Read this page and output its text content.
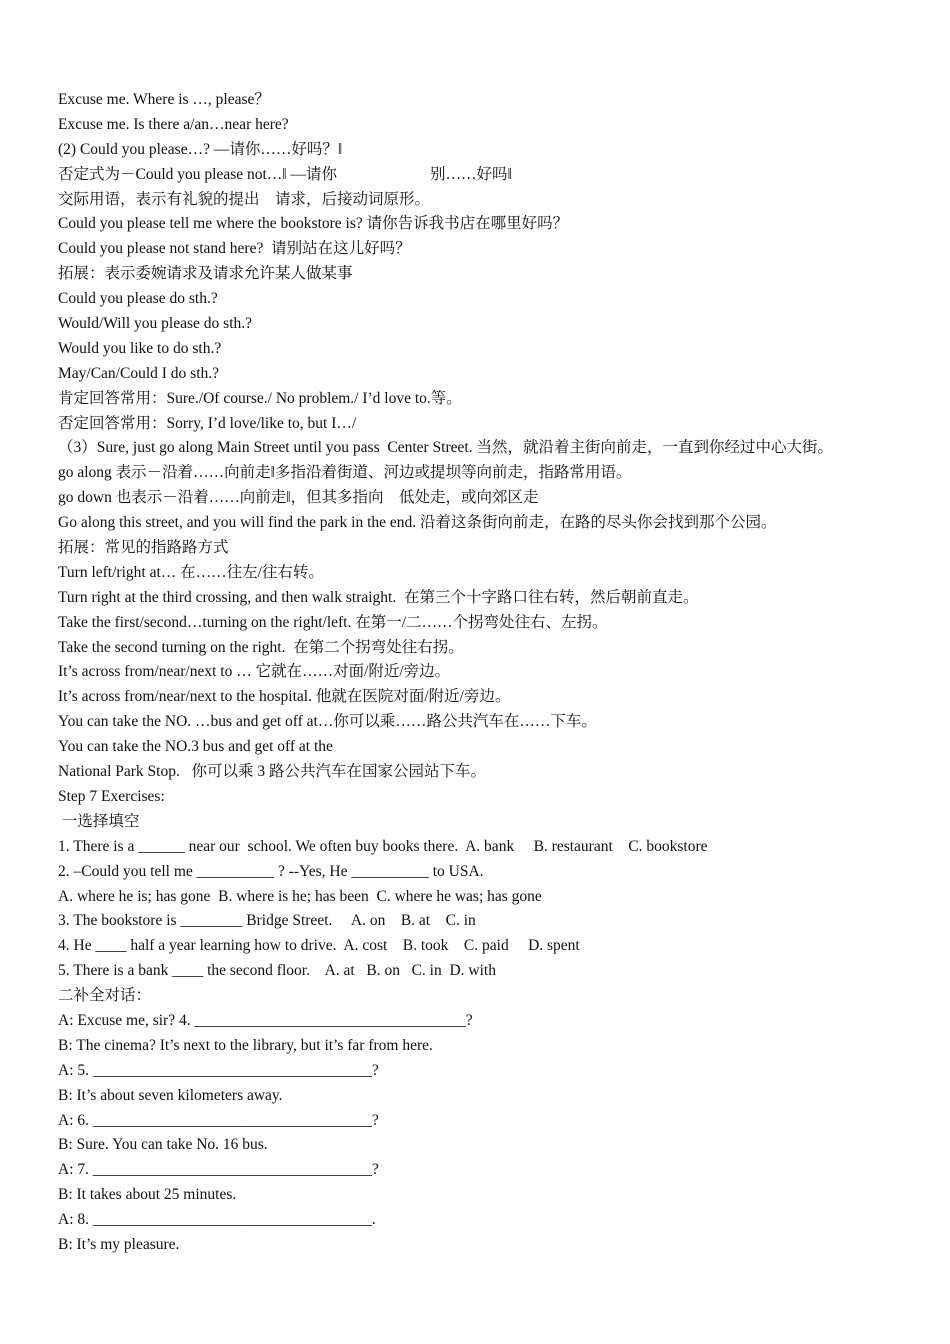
Excuse me. Where is …, please？
Excuse me. Is there a/an…near here?
(2) Could you please…? —请你……好吗？‖
否定式为－Could you please not…‖ —请你                        别……好吗‖
交际用语，表示有礼貌的提出    请求，后接动词原形。
Could you please tell me where the bookstore is? 请你告诉我书店在哪里好吗？
Could you please not stand here?  请别站在这儿好吗？
拓展：表示委婉请求及请求允许某人做某事
Could you please do sth.?
Would/Will you please do sth.?
Would you like to do sth.?
May/Can/Could I do sth.?
肯定回答常用：Sure./Of course./ No problem./ I’d love to.等。
否定回答常用：Sorry, I’d love/like to, but I…/
（3）Sure, just go along Main Street until you pass  Center Street. 当然，就沿着主街向前走，一直到你经过中心大街。
go along 表示－沿着……向前走‖多指沿着街道、河边或提坝等向前走，指路常用语。
go down 也表示－沿着……向前走‖，但其多指向    低处走，或向郊区走
Go along this street, and you will find the park in the end. 沿着这条街向前走，在路的尽头你会找到那个公园。
拓展：常见的指路路方式
Turn left/right at… 在……往左/往右转。
Turn right at the third crossing, and then walk straight.  在第三个十字路口往右转，然后朝前直走。
Take the first/second…turning on the right/left. 在第一/二……个拐弯处往右、左拐。
Take the second turning on the right.  在第二个拐弯处往右拐。
It’s across from/near/next to … 它就在……对面/附近/旁边。
It’s across from/near/next to the hospital. 他就在医院对面/附近/旁边。
You can take the NO. …bus and get off at…你可以乘……路公共汽车在……下车。
You can take the NO.3 bus and get off at the
National Park Stop.   你可以乘 3 路公共汽车在国家公园站下车。
Step 7 Exercises:
一选择填空
1. There is a ______ near our  school. We often buy books there.  A. bank     B. restaurant    C. bookstore
2. –Could you tell me __________ ? --Yes, He __________ to USA.
A. where he is; has gone  B. where is he; has been  C. where he was; has gone
3. The bookstore is ________ Bridge Street.     A. on    B. at    C. in
4. He ____ half a year learning how to drive.  A. cost    B. took    C. paid     D. spent
5. There is a bank ____ the second floor.    A. at   B. on   C. in  D. with
二补全对话：
A: Excuse me, sir? 4. ___________________________________?
B: The cinema? It’s next to the library, but it’s far from here.
A: 5. ____________________________________?
B: It’s about seven kilometers away.
A: 6. ____________________________________?
B: Sure. You can take No. 16 bus.
A: 7. ____________________________________?
B: It takes about 25 minutes.
A: 8. ____________________________________.
B: It’s my pleasure.
